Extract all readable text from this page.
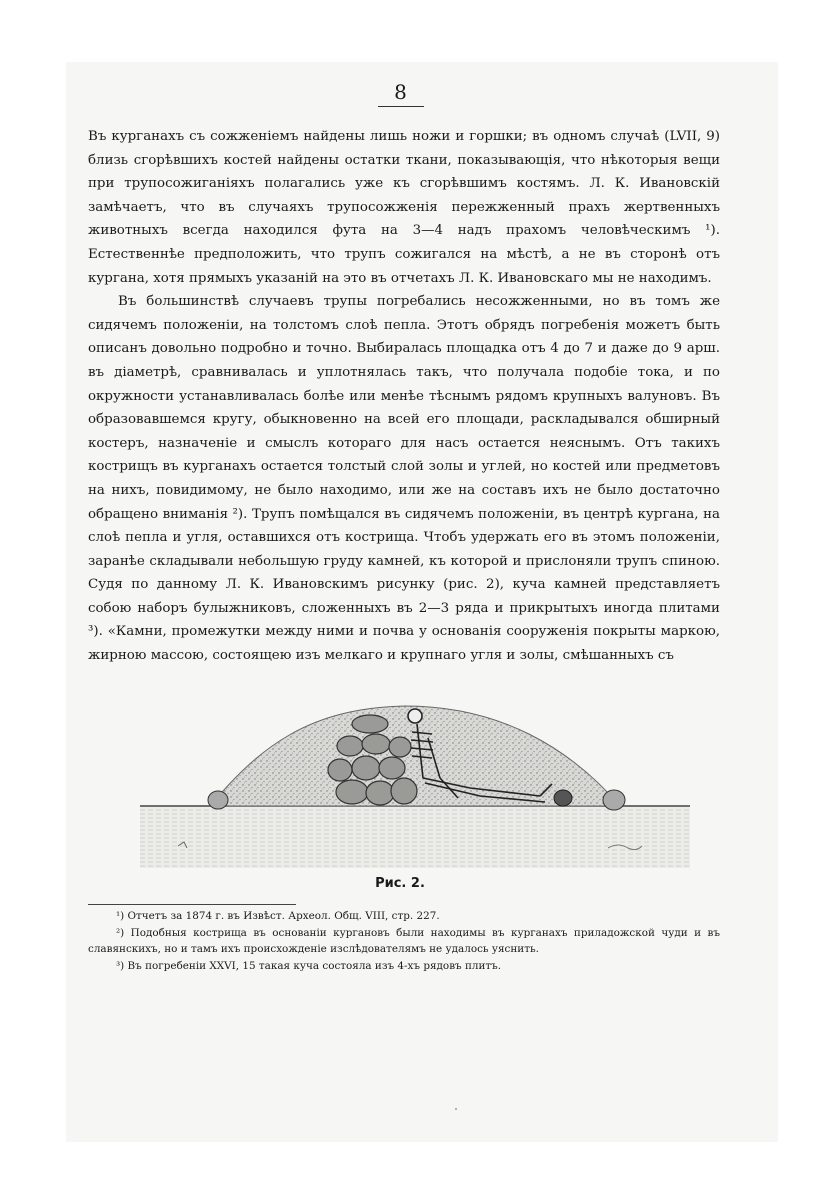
8

Въ курганахъ съ сожженіемъ найдены лишь ножи и горшки; въ одномъ случаѣ (LVII, 9) близь сгорѣвшихъ костей найдены остатки ткани, показывающія, что нѣкоторыя вещи при трупосожиганіяхъ полагались уже къ сгорѣвшимъ костямъ. Л. К. Ивановскій замѣчаетъ, что въ случаяхъ трупосожженія пережженный прахъ жертвенныхъ животныхъ всегда находился фута на 3—4 надъ прахомъ человѣческимъ ¹). Естественнѣе предположить, что трупъ сожигался на мѣстѣ, а не въ сторонѣ отъ кургана, хотя прямыхъ указаній на это въ отчетахъ Л. К. Ивановскаго мы не находимъ.

Въ большинствѣ случаевъ трупы погребались несожженными, но въ томъ же сидячемъ положеніи, на толстомъ слоѣ пепла. Этотъ обрядъ погребенія можетъ быть описанъ довольно подробно и точно. Выбиралась площадка отъ 4 до 7 и даже до 9 арш. въ діаметрѣ, сравнивалась и уплотнялась такъ, что получала подобіе тока, и по окружности устанавливалась болѣе или менѣе тѣснымъ рядомъ крупныхъ валуновъ. Въ образовавшемся кругу, обыкновенно на всей его площади, раскладывался обширный костеръ, назначеніе и смыслъ котораго для насъ остается неяснымъ. Отъ такихъ кострищъ въ курганахъ остается толстый слой золы и углей, но костей или предметовъ на нихъ, повидимому, не было находимо, или же на составъ ихъ не было достаточно обращено вниманія ²). Трупъ помѣщался въ сидячемъ положеніи, въ центрѣ кургана, на слоѣ пепла и угля, оставшихся отъ кострища. Чтобъ удержать его въ этомъ положеніи, заранѣе складывали небольшую груду камней, къ которой и прислоняли трупъ спиною. Судя по данному Л. К. Ивановскимъ рисунку (рис. 2), куча камней представляетъ собою наборъ булыжниковъ, сложенныхъ въ 2—3 ряда и прикрытыхъ иногда плитами ³). «Камни, промежутки между ними и почва у основанія сооруженія покрыты маркою, жирною массою, состоящею изъ мелкаго и крупнаго угля и золы, смѣшанныхъ съ

Рис. 2.

¹) Отчетъ за 1874 г. въ Извѣст. Археол. Общ. VIII, стр. 227.

²) Подобныя кострища въ основаніи кургановъ были находимы въ курганахъ приладожской чуди и въ славянскихъ, но и тамъ ихъ происхожденіе изслѣдователямъ не удалось уяснить.

³) Въ погребеніи XXVI, 15 такая куча состояла изъ 4-хъ рядовъ плитъ.
